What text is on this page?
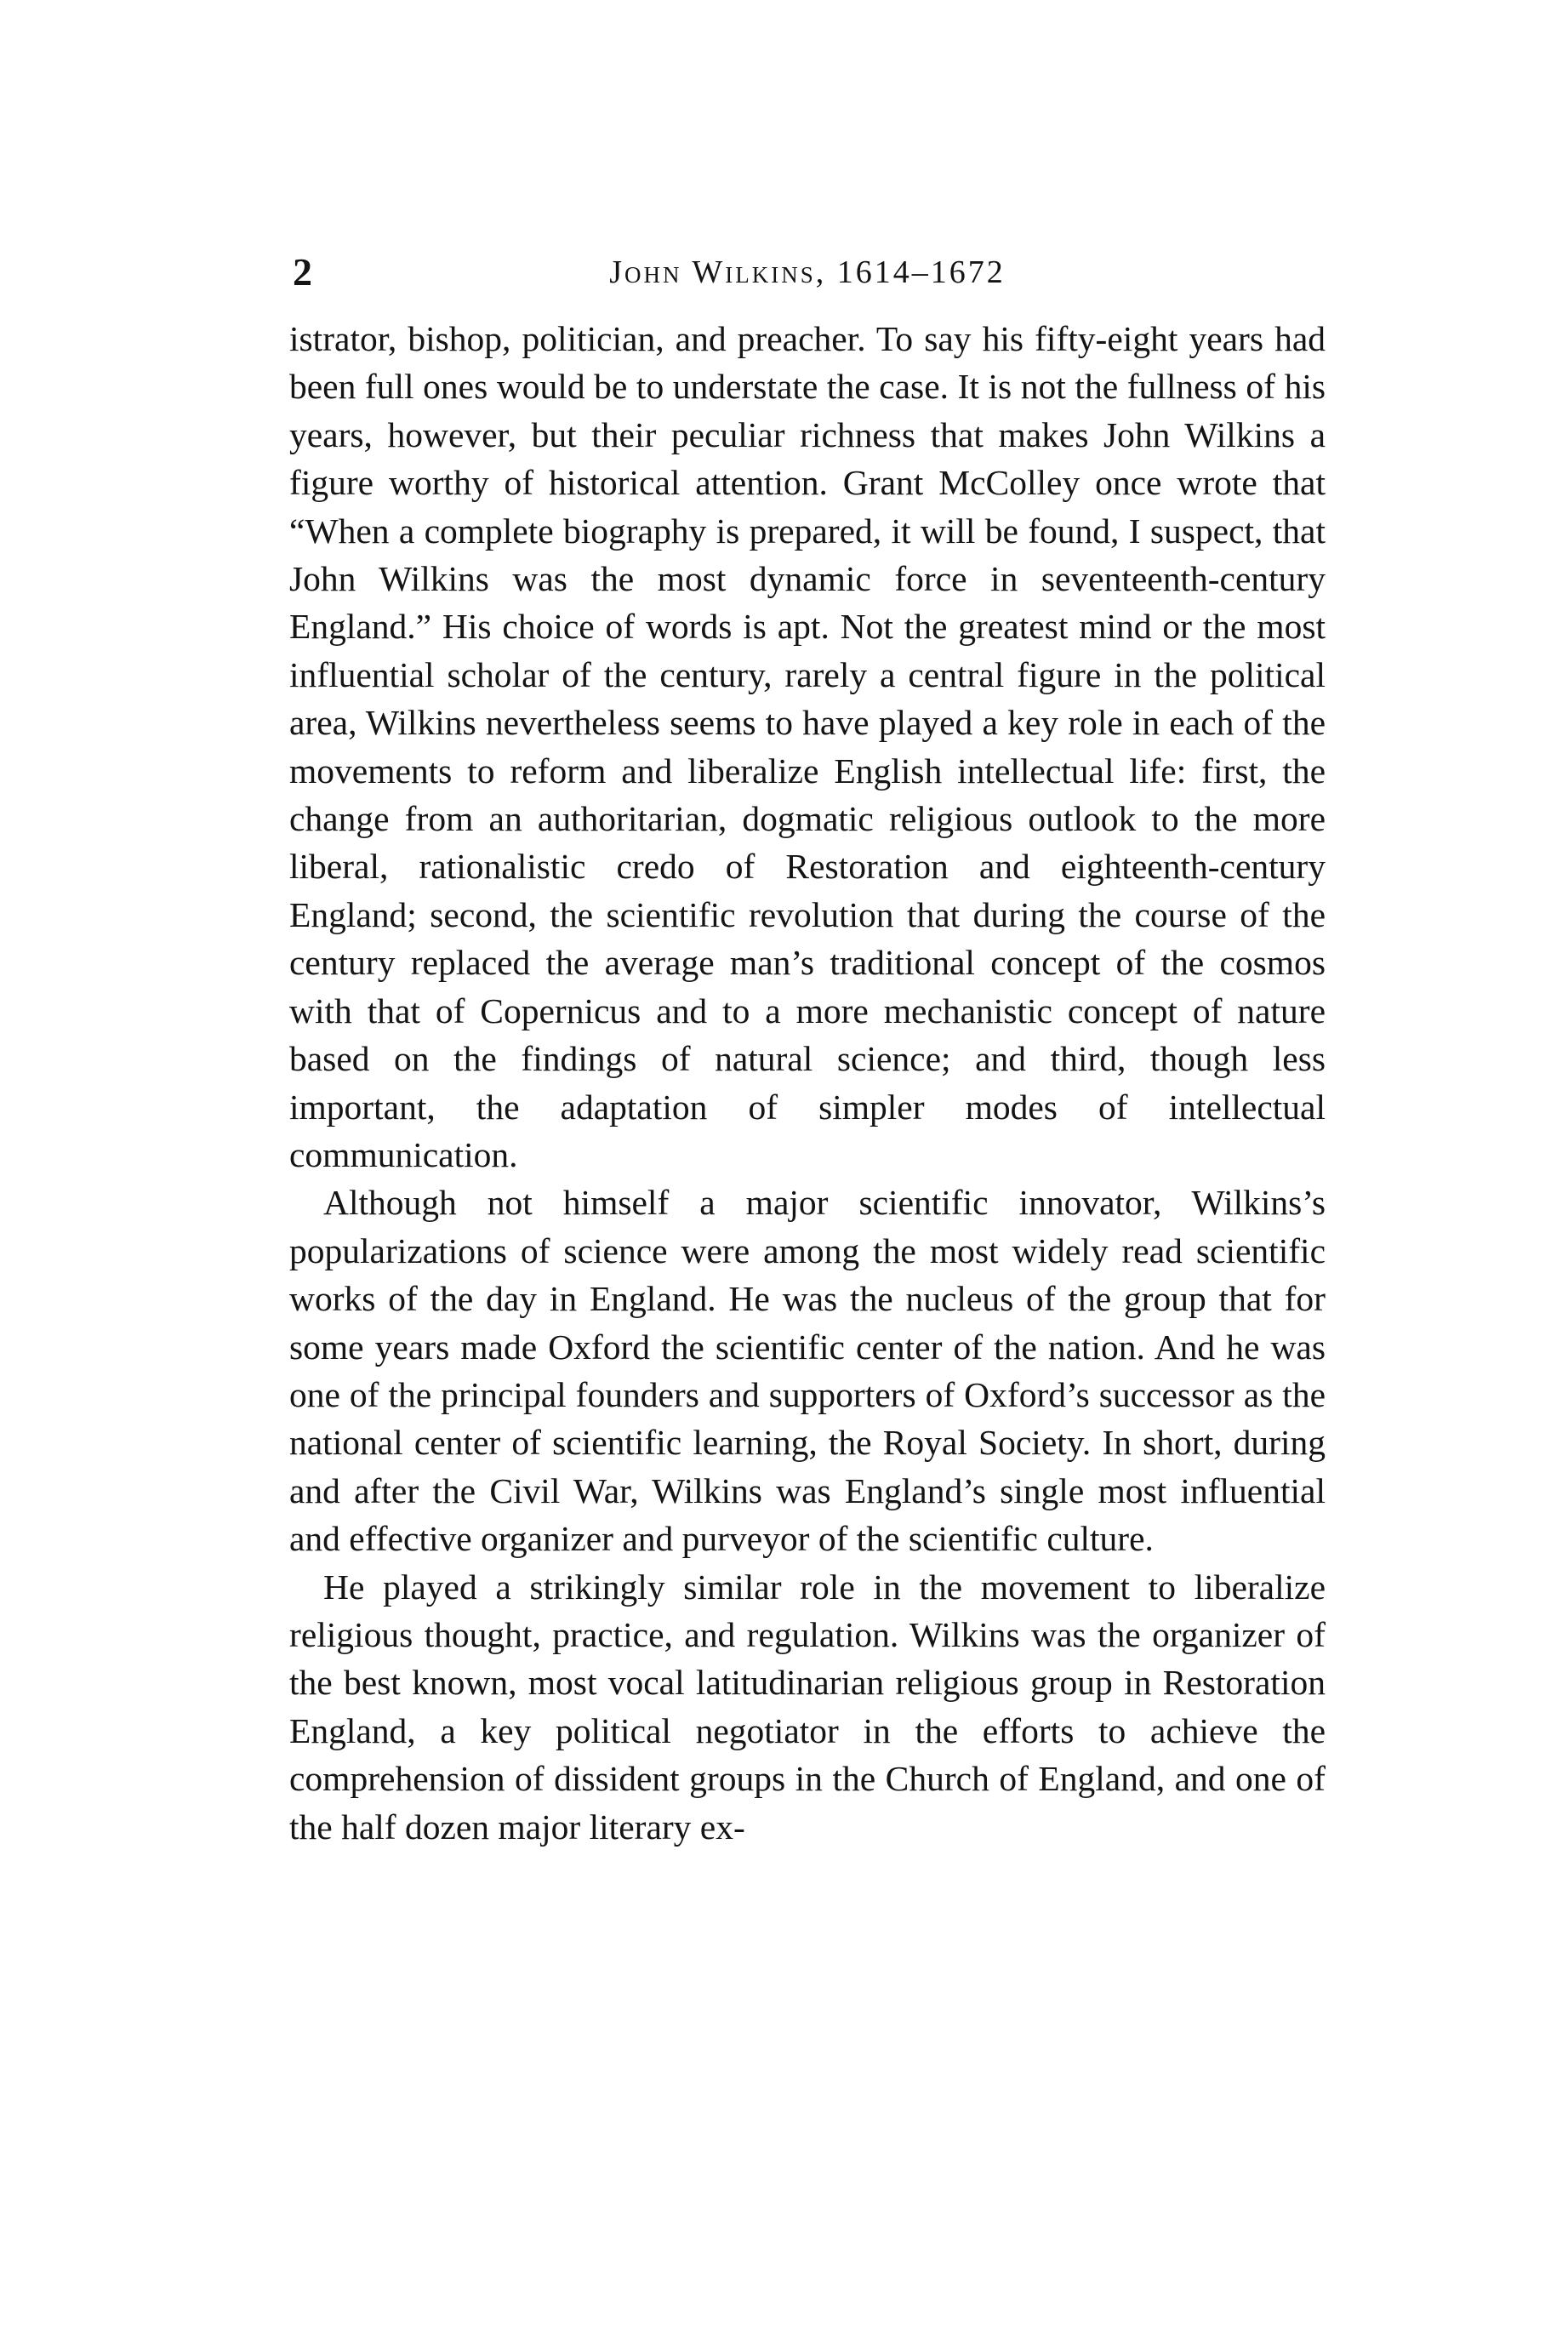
2	John Wilkins, 1614–1672

istrator, bishop, politician, and preacher. To say his fifty-eight years had been full ones would be to understate the case. It is not the fullness of his years, however, but their peculiar richness that makes John Wilkins a figure worthy of historical attention. Grant McColley once wrote that “When a complete biography is prepared, it will be found, I suspect, that John Wilkins was the most dynamic force in seventeenth-century England.” His choice of words is apt. Not the greatest mind or the most influential scholar of the century, rarely a central figure in the political area, Wilkins nevertheless seems to have played a key role in each of the movements to reform and liberalize English intellectual life: first, the change from an authoritarian, dogmatic religious outlook to the more liberal, rationalistic credo of Restoration and eighteenth-century England; second, the scientific revolution that during the course of the century replaced the average man’s traditional concept of the cosmos with that of Copernicus and to a more mechanistic concept of nature based on the findings of natural science; and third, though less important, the adaptation of simpler modes of intellectual communication.

Although not himself a major scientific innovator, Wilkins’s popularizations of science were among the most widely read scientific works of the day in England. He was the nucleus of the group that for some years made Oxford the scientific center of the nation. And he was one of the principal founders and supporters of Oxford’s successor as the national center of scientific learning, the Royal Society. In short, during and after the Civil War, Wilkins was England’s single most influential and effective organizer and purveyor of the scientific culture.

He played a strikingly similar role in the movement to liberalize religious thought, practice, and regulation. Wilkins was the organizer of the best known, most vocal latitudinarian religious group in Restoration England, a key political negotiator in the efforts to achieve the comprehension of dissident groups in the Church of England, and one of the half dozen major literary ex-
